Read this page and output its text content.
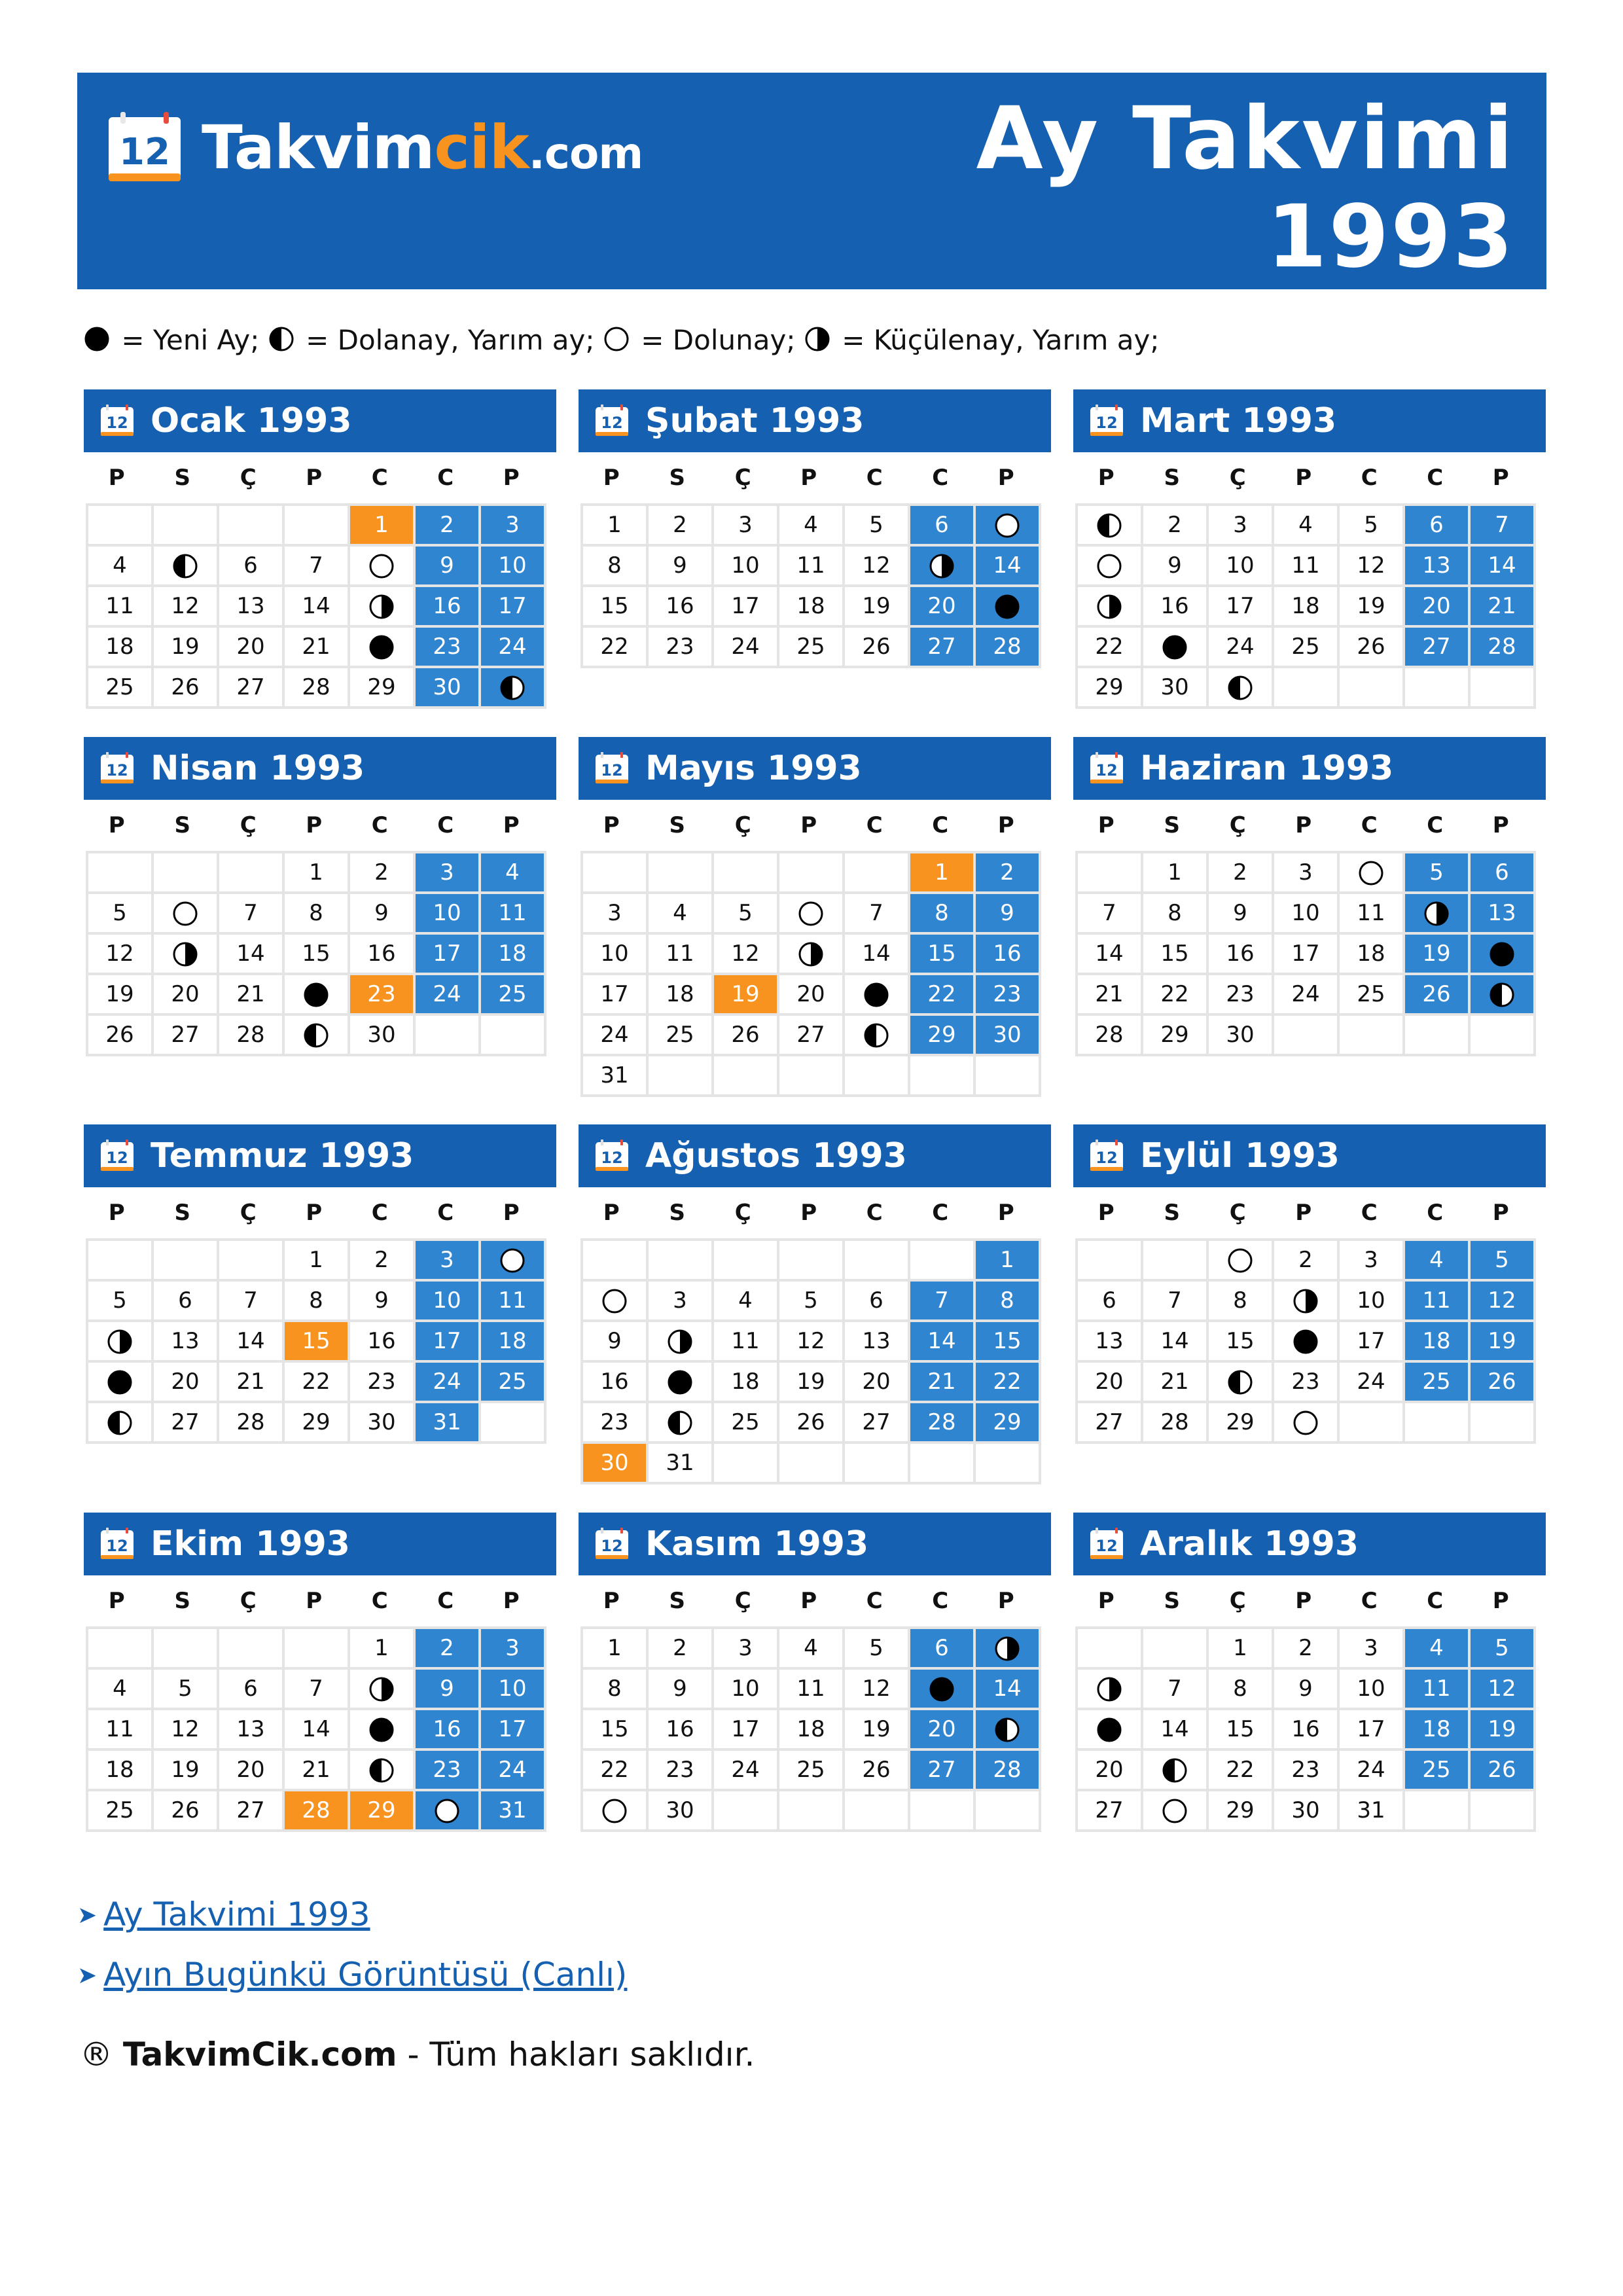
12 Takvimcik.com	Ay Takvimi
1993
= Yeni Ay; = Dolanay, Yarım ay; = Dolunay; = Küçülenay, Yarım ay;
12 Ocak 1993
P	S	Ç	P	C	C	P
				1	2	3
4		6	7		9	10
11	12	13	14		16	17
18	19	20	21		23	24
25	26	27	28	29	30	
12 Şubat 1993
P	S	Ç	P	C	C	P
1	2	3	4	5	6	
8	9	10	11	12		14
15	16	17	18	19	20	
22	23	24	25	26	27	28
12 Mart 1993
P	S	Ç	P	C	C	P
	2	3	4	5	6	7
	9	10	11	12	13	14
	16	17	18	19	20	21
22		24	25	26	27	28
29	30					
12 Nisan 1993
P	S	Ç	P	C	C	P
			1	2	3	4
5		7	8	9	10	11
12		14	15	16	17	18
19	20	21		23	24	25
26	27	28		30		
12 Mayıs 1993
P	S	Ç	P	C	C	P
					1	2
3	4	5		7	8	9
10	11	12		14	15	16
17	18	19	20		22	23
24	25	26	27		29	30
31						
12 Haziran 1993
P	S	Ç	P	C	C	P
	1	2	3		5	6
7	8	9	10	11		13
14	15	16	17	18	19	
21	22	23	24	25	26	
28	29	30				
12 Temmuz 1993
P	S	Ç	P	C	C	P
			1	2	3	
5	6	7	8	9	10	11
	13	14	15	16	17	18
	20	21	22	23	24	25
	27	28	29	30	31	
12 Ağustos 1993
P	S	Ç	P	C	C	P
						1
	3	4	5	6	7	8
9		11	12	13	14	15
16		18	19	20	21	22
23		25	26	27	28	29
30	31					
12 Eylül 1993
P	S	Ç	P	C	C	P
			2	3	4	5
6	7	8		10	11	12
13	14	15		17	18	19
20	21		23	24	25	26
27	28	29				
12 Ekim 1993
P	S	Ç	P	C	C	P
				1	2	3
4	5	6	7		9	10
11	12	13	14		16	17
18	19	20	21		23	24
25	26	27	28	29		31
12 Kasım 1993
P	S	Ç	P	C	C	P
1	2	3	4	5	6	
8	9	10	11	12		14
15	16	17	18	19	20	
22	23	24	25	26	27	28
	30					
12 Aralık 1993
P	S	Ç	P	C	C	P
		1	2	3	4	5
	7	8	9	10	11	12
	14	15	16	17	18	19
20		22	23	24	25	26
27		29	30	31		
➤ Ay Takvimi 1993
➤ Ayın Bugünkü Görüntüsü (Canlı)
® TakvimCik.com - Tüm hakları saklıdır.
